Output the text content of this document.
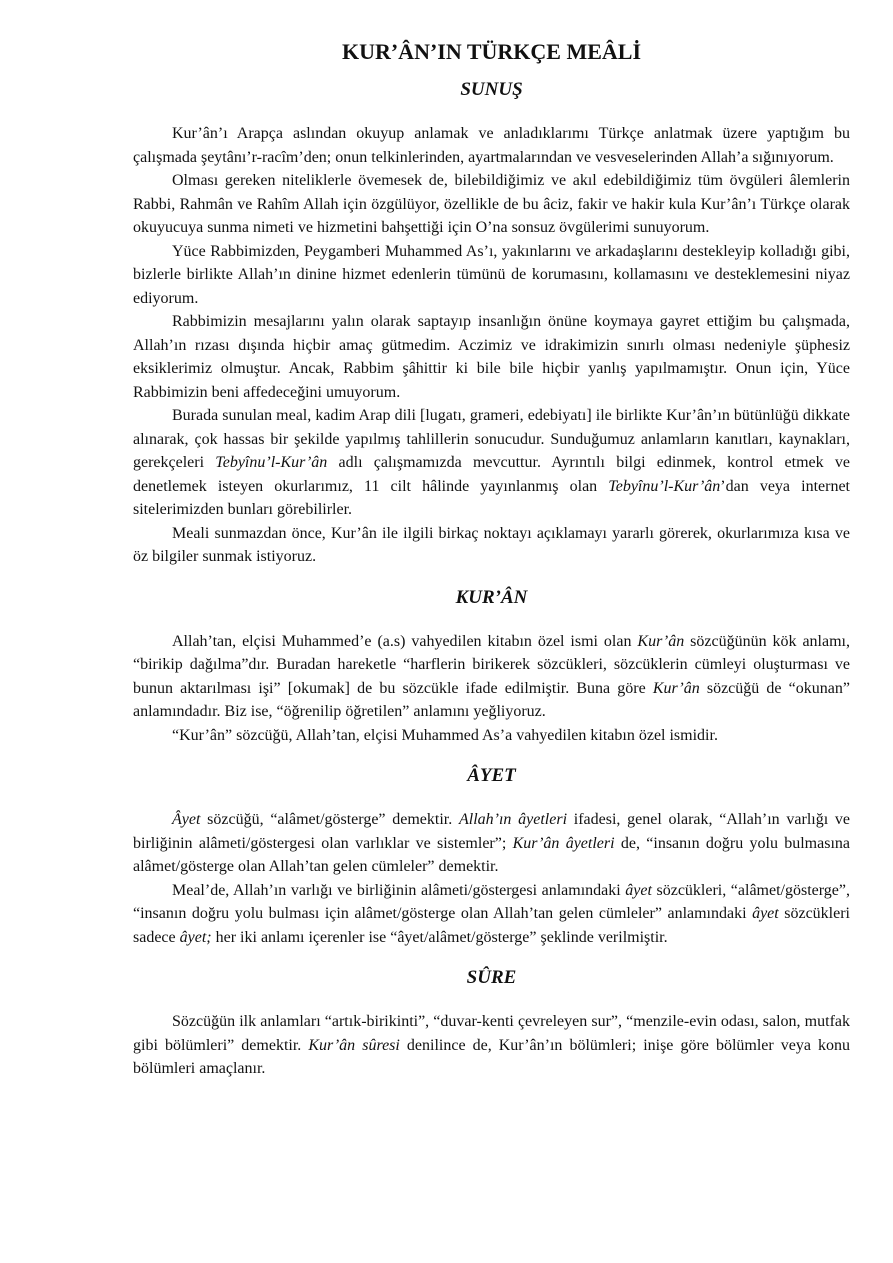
KUR’ÂN’IN TÜRKÇE MEÂLİ
SUNUŞ

Kur’ân’ı Arapça aslından okuyup anlamak ve anladıklarımı Türkçe anlatmak üzere yaptığım bu çalışmada şeytânı’r-racîm’den; onun telkinlerinden, ayartmalarından ve vesveselerinden Allah’a sığınıyorum.

Olması gereken niteliklerle övemesek de, bilebildiğimiz ve akıl edebildiğimiz tüm övgüleri âlemlerin Rabbi, Rahmân ve Rahîm Allah için özgülüyor, özellikle de bu âciz, fakir ve hakir kula Kur’ân’ı Türkçe olarak okuyucuya sunma nimeti ve hizmetini bahşettiği için O’na sonsuz övgülerimi sunuyorum.

Yüce Rabbimizden, Peygamberi Muhammed As’ı, yakınlarını ve arkadaşlarını destekleyip kolladığı gibi, bizlerle birlikte Allah’ın dinine hizmet edenlerin tümünü de korumasını, kollamasını ve desteklemesini niyaz ediyorum.

Rabbimizin mesajlarını yalın olarak saptayıp insanlığın önüne koymaya gayret ettiğim bu çalışmada, Allah’ın rızası dışında hiçbir amaç gütmedim. Aczimiz ve idrakimizin sınırlı olması nedeniyle şüphesiz eksiklerimiz olmuştur. Ancak, Rabbim şâhittir ki bile bile hiçbir yanlış yapılmamıştır. Onun için, Yüce Rabbimizin beni affedeceğini umuyorum.

Burada sunulan meal, kadim Arap dili [lugatı, grameri, edebiyatı] ile birlikte Kur’ân’ın bütünlüğü dikkate alınarak, çok hassas bir şekilde yapılmış tahlillerin sonucudur. Sunduğumuz anlamların kanıtları, kaynakları, gerekçeleri Tebyînu’l-Kur’ân adlı çalışmamızda mevcuttur. Ayrıntılı bilgi edinmek, kontrol etmek ve denetlemek isteyen okurlarımız, 11 cilt hâlinde yayınlanmış olan Tebyînu’l-Kur’ân’dan veya internet sitelerimizden bunları görebilirler.

Meali sunmazdan önce, Kur’ân ile ilgili birkaç noktayı açıklamayı yararlı görerek, okurlarımıza kısa ve öz bilgiler sunmak istiyoruz.

KUR’ÂN

Allah’tan, elçisi Muhammed’e (a.s) vahyedilen kitabın özel ismi olan Kur’ân sözcüğünün kök anlamı, “birikip dağılma”dır. Buradan hareketle “harflerin birikerek sözcükleri, sözcüklerin cümleyi oluşturması ve bunun aktarılması işi” [okumak] de bu sözcükle ifade edilmiştir. Buna göre Kur’ân sözcüğü de “okunan” anlamındadır. Biz ise, “öğrenilip öğretilen” anlamını yeğliyoruz.

“Kur’ân” sözcüğü, Allah’tan, elçisi Muhammed As’a vahyedilen kitabın özel ismidir.

ÂYET

Âyet sözcüğü, “alâmet/gösterge” demektir. Allah’ın âyetleri ifadesi, genel olarak, “Allah’ın varlığı ve birliğinin alâmeti/göstergesi olan varlıklar ve sistemler”; Kur’ân âyetleri de, “insanın doğru yolu bulmasına alâmet/gösterge olan Allah’tan gelen cümleler” demektir.

Meal’de, Allah’ın varlığı ve birliğinin alâmeti/göstergesi anlamındaki âyet sözcükleri, “alâmet/gösterge”, “insanın doğru yolu bulması için alâmet/gösterge olan Allah’tan gelen cümleler” anlamındaki âyet sözcükleri sadece âyet; her iki anlamı içerenler ise “âyet/alâmet/gösterge” şeklinde verilmiştir.

SÛRE

Sözcüğün ilk anlamları “artık-birikinti”, “duvar-kenti çevreleyen sur”, “menzile-evin odası, salon, mutfak gibi bölümleri” demektir. Kur’ân sûresi denilince de, Kur’ân’ın bölümleri; inişe göre bölümler veya konu bölümleri amaçlanır.
